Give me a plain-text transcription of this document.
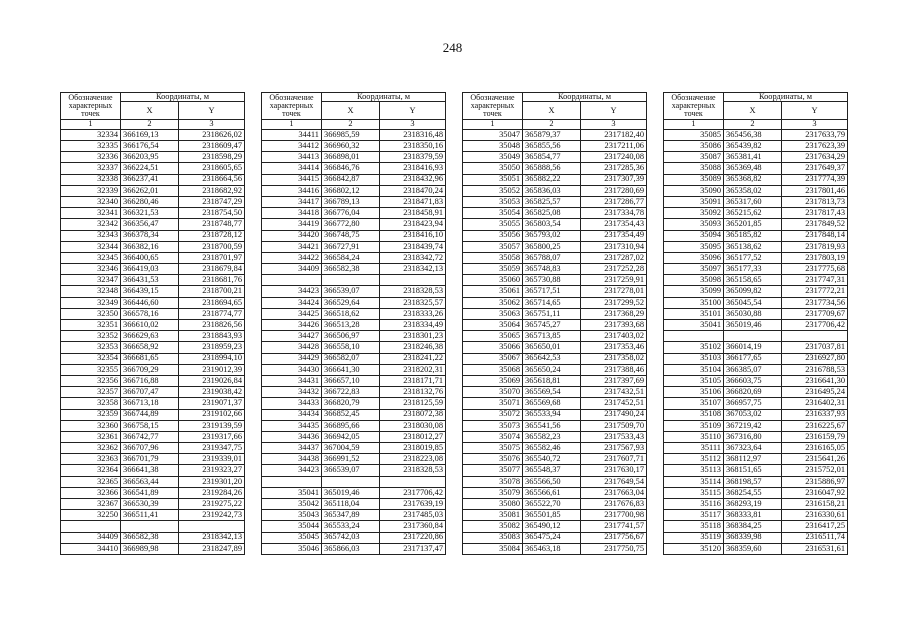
248
Обозначение характерных точек	Координаты, м	
	X	Y
1	2	3
32334	366169,13	2318626,02
32335	366176,54	2318609,47
32336	366203,95	2318598,29
32337	366224,51	2318605,65
32338	366237,41	2318664,56
32339	366262,01	2318682,92
32340	366280,46	2318747,29
32341	366321,53	2318754,50
32342	366356,47	2318748,77
32343	366378,34	2318728,12
32344	366382,16	2318700,59
32345	366400,65	2318701,97
32346	366419,03	2318679,84
32347	366431,53	2318681,76
32348	366439,15	2318700,21
32349	366446,60	2318694,65
32350	366578,16	2318774,77
32351	366610,02	2318826,56
32352	366629,63	2318843,93
32353	366658,92	2318959,23
32354	366681,65	2318994,10
32355	366709,29	2319012,39
32356	366716,88	2319026,84
32357	366707,47	2319038,42
32358	366713,18	2319071,37
32359	366744,89	2319102,66
32360	366758,15	2319139,59
32361	366742,77	2319317,66
32362	366707,96	2319347,75
32363	366701,79	2319339,01
32364	366641,38	2319323,27
32365	366563,44	2319301,20
32366	366541,89	2319284,26
32367	366530,39	2319275,22
32250	366511,41	2319242,73

34409	366582,38	2318342,13
34410	366989,98	2318247,89
Обозначение характерных точек	Координаты, м	
	X	Y
1	2	3
34411	366985,59	2318316,48
34412	366960,32	2318350,16
34413	366898,01	2318379,59
34414	366846,76	2318416,93
34415	366842,87	2318432,96
34416	366802,12	2318470,24
34417	366789,13	2318471,83
34418	366776,04	2318458,91
34419	366772,80	2318423,94
34420	366748,75	2318416,10
34421	366727,91	2318439,74
34422	366584,24	2318342,72
34409	366582,38	2318342,13

34423	366539,07	2318328,53
34424	366529,64	2318325,57
34425	366518,62	2318333,26
34426	366513,28	2318334,49
34427	366506,97	2318301,23
34428	366558,10	2318246,38
34429	366582,07	2318241,22
34430	366641,30	2318202,31
34431	366657,10	2318171,71
34432	366722,83	2318132,76
34433	366820,79	2318125,59
34434	366852,45	2318072,38
34435	366895,66	2318030,08
34436	366942,05	2318012,27
34437	367004,59	2318019,85
34438	366991,52	2318223,08
34423	366539,07	2318328,53

35041	365019,46	2317706,42
35042	365118,04	2317639,19
35043	365347,89	2317485,03
35044	365533,24	2317360,84
35045	365742,03	2317220,86
35046	365866,03	2317137,47
Обозначение характерных точек	Координаты, м	
	X	Y
1	2	3
35047	365879,37	2317182,40
35048	365855,56	2317211,06
35049	365854,77	2317240,08
35050	365888,56	2317285,36
35051	365882,22	2317307,39
35052	365836,03	2317280,69
35053	365825,57	2317286,77
35054	365825,08	2317334,78
35055	365803,54	2317354,43
35056	365793,02	2317354,49
35057	365800,25	2317310,94
35058	365788,07	2317287,02
35059	365748,83	2317252,28
35060	365730,88	2317259,91
35061	365717,51	2317278,01
35062	365714,65	2317299,52
35063	365751,11	2317368,29
35064	365745,27	2317393,68
35065	365713,85	2317403,02
35066	365650,01	2317353,46
35067	365642,53	2317358,02
35068	365650,24	2317388,46
35069	365618,81	2317397,69
35070	365569,54	2317432,51
35071	365569,68	2317452,51
35072	365533,94	2317490,24
35073	365541,56	2317509,70
35074	365582,23	2317533,43
35075	365582,46	2317567,93
35076	365540,72	2317607,71
35077	365548,37	2317630,17
35078	365566,50	2317649,54
35079	365566,61	2317663,04
35080	365522,70	2317676,83
35081	365501,85	2317700,98
35082	365490,12	2317741,57
35083	365475,24	2317756,67
35084	365463,18	2317750,75
Обозначение характерных точек	Координаты, м	
	X	Y
1	2	3
35085	365456,38	2317633,79
35086	365439,82	2317623,39
35087	365381,41	2317634,29
35088	365369,48	2317649,37
35089	365368,82	2317774,39
35090	365358,02	2317801,46
35091	365317,60	2317813,73
35092	365215,62	2317817,43
35093	365201,85	2317849,52
35094	365185,82	2317848,14
35095	365138,62	2317819,93
35096	365177,52	2317803,19
35097	365177,33	2317775,68
35098	365158,65	2317747,31
35099	365099,82	2317772,21
35100	365045,54	2317734,56
35101	365030,88	2317709,67
35041	365019,46	2317706,42

35102	366014,19	2317037,81
35103	366177,65	2316927,80
35104	366385,07	2316788,53
35105	366603,75	2316641,30
35106	366820,69	2316495,24
35107	366957,75	2316402,31
35108	367053,02	2316337,93
35109	367219,42	2316225,67
35110	367316,80	2316159,79
35111	367323,64	2316165,05
35112	368112,97	2315641,26
35113	368151,65	2315752,01
35114	368198,57	2315886,97
35115	368254,55	2316047,92
35116	368293,19	2316158,21
35117	368333,81	2316330,61
35118	368384,25	2316417,25
35119	368339,98	2316511,74
35120	368359,60	2316531,61
